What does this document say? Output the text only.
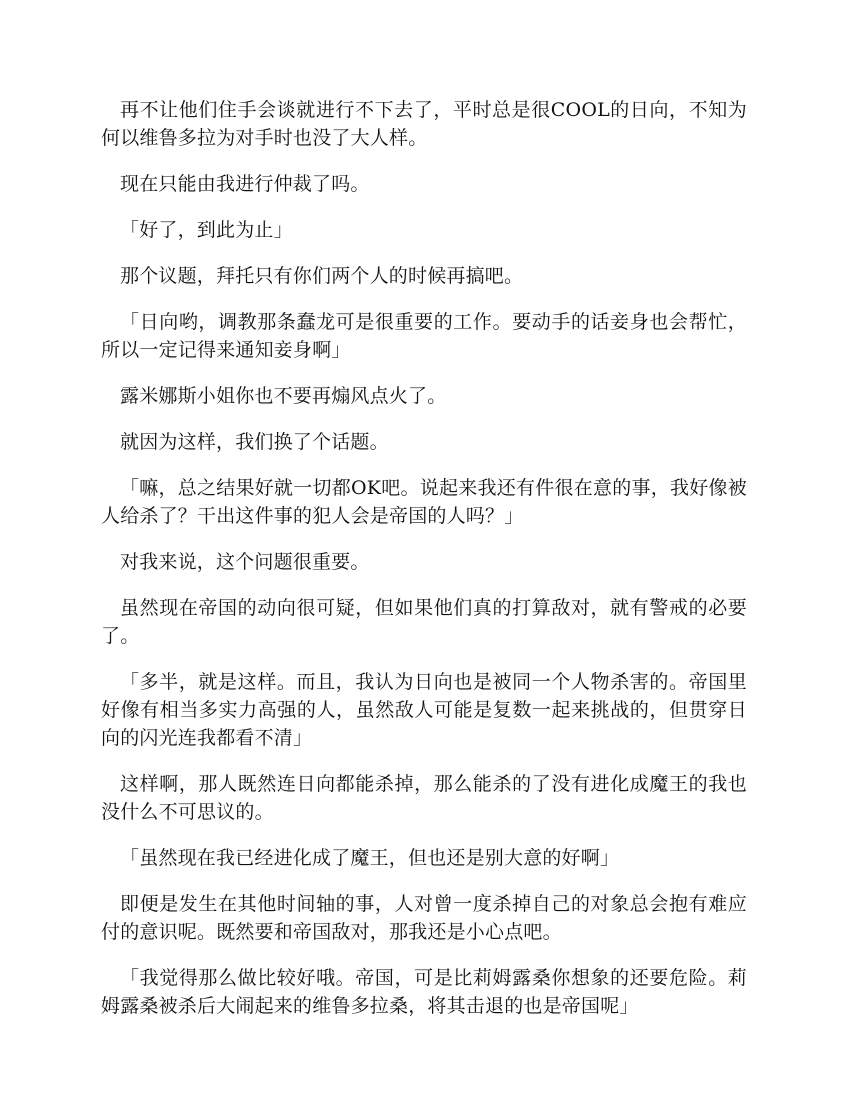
再不让他们住手会谈就进行不下去了，平时总是很COOL的日向，不知为何以维鲁多拉为对手时也没了大人样。

现在只能由我进行仲裁了吗。

「好了，到此为止」

那个议题，拜托只有你们两个人的时候再搞吧。

「日向哟，调教那条蠢龙可是很重要的工作。要动手的话妾身也会帮忙，所以一定记得来通知妾身啊」

露米娜斯小姐你也不要再煽风点火了。

就因为这样，我们换了个话题。

「嘛，总之结果好就一切都OK吧。说起来我还有件很在意的事，我好像被人给杀了？干出这件事的犯人会是帝国的人吗？」

对我来说，这个问题很重要。

虽然现在帝国的动向很可疑，但如果他们真的打算敌对，就有警戒的必要了。

「多半，就是这样。而且，我认为日向也是被同一个人物杀害的。帝国里好像有相当多实力高强的人，虽然敌人可能是复数一起来挑战的，但贯穿日向的闪光连我都看不清」

这样啊，那人既然连日向都能杀掉，那么能杀的了没有进化成魔王的我也没什么不可思议的。

「虽然现在我已经进化成了魔王，但也还是别大意的好啊」

即便是发生在其他时间轴的事，人对曾一度杀掉自己的对象总会抱有难应付的意识呢。既然要和帝国敌对，那我还是小心点吧。

「我觉得那么做比较好哦。帝国，可是比莉姆露桑你想象的还要危险。莉姆露桑被杀后大闹起来的维鲁多拉桑，将其击退的也是帝国呢」
